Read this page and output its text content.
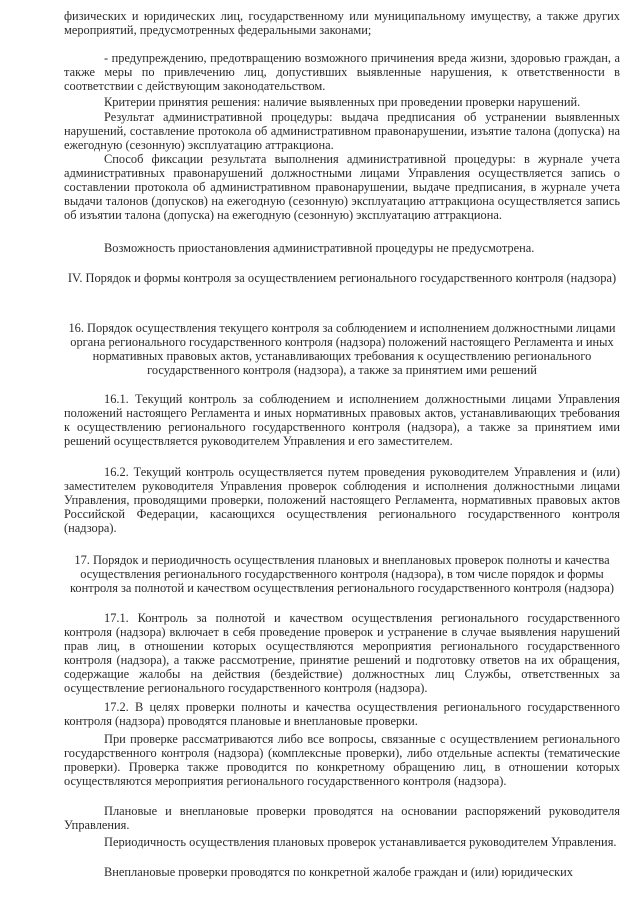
физических и юридических лиц, государственному или муниципальному имуществу, а также других мероприятий, предусмотренных федеральными законами;

- предупреждению, предотвращению возможного причинения вреда жизни, здоровью граждан, а также меры по привлечению лиц, допустивших выявленные нарушения, к ответственности в соответствии с действующим законодательством.

Критерии принятия решения: наличие выявленных при проведении проверки нарушений.

Результат административной процедуры: выдача предписания об устранении выявленных нарушений, составление протокола об административном правонарушении, изъятие талона (допуска) на ежегодную (сезонную) эксплуатацию аттракциона.

Способ фиксации результата выполнения административной процедуры: в журнале учета административных правонарушений должностными лицами Управления осуществляется запись о составлении протокола об административном правонарушении, выдаче предписания, в журнале учета выдачи талонов (допусков) на ежегодную (сезонную) эксплуатацию аттракциона осуществляется запись об изъятии талона (допуска) на ежегодную (сезонную) эксплуатацию аттракциона.

Возможность приостановления административной процедуры не предусмотрена.

IV. Порядок и формы контроля за осуществлением регионального государственного контроля (надзора)

16. Порядок осуществления текущего контроля за соблюдением и исполнением должностными лицами органа регионального государственного контроля (надзора) положений настоящего Регламента и иных нормативных правовых актов, устанавливающих требования к осуществлению регионального государственного контроля (надзора), а также за принятием ими решений

16.1. Текущий контроль за соблюдением и исполнением должностными лицами Управления положений настоящего Регламента и иных нормативных правовых актов, устанавливающих требования к осуществлению регионального государственного контроля (надзора), а также за принятием ими решений осуществляется руководителем Управления и его заместителем.

16.2. Текущий контроль осуществляется путем проведения руководителем Управления и (или) заместителем руководителя Управления проверок соблюдения и исполнения должностными лицами Управления, проводящими проверки, положений настоящего Регламента, нормативных правовых актов Российской Федерации, касающихся осуществления регионального государственного контроля (надзора).

17. Порядок и периодичность осуществления плановых и внеплановых проверок полноты и качества осуществления регионального государственного контроля (надзора), в том числе порядок и формы контроля за полнотой и качеством осуществления регионального государственного контроля (надзора)

17.1. Контроль за полнотой и качеством осуществления регионального государственного контроля (надзора) включает в себя проведение проверок и устранение в случае выявления нарушений прав лиц, в отношении которых осуществляются мероприятия регионального государственного контроля (надзора), а также рассмотрение, принятие решений и подготовку ответов на их обращения, содержащие жалобы на действия (бездействие) должностных лиц Службы, ответственных за осуществление регионального государственного контроля (надзора).

17.2. В целях проверки полноты и качества осуществления регионального государственного контроля (надзора) проводятся плановые и внеплановые проверки.

При проверке рассматриваются либо все вопросы, связанные с осуществлением регионального государственного контроля (надзора) (комплексные проверки), либо отдельные аспекты (тематические проверки). Проверка также проводится по конкретному обращению лиц, в отношении которых осуществляются мероприятия регионального государственного контроля (надзора).

Плановые и внеплановые проверки проводятся на основании распоряжений руководителя Управления.

Периодичность осуществления плановых проверок устанавливается руководителем Управления.

Внеплановые проверки проводятся по конкретной жалобе граждан и (или) юридических
